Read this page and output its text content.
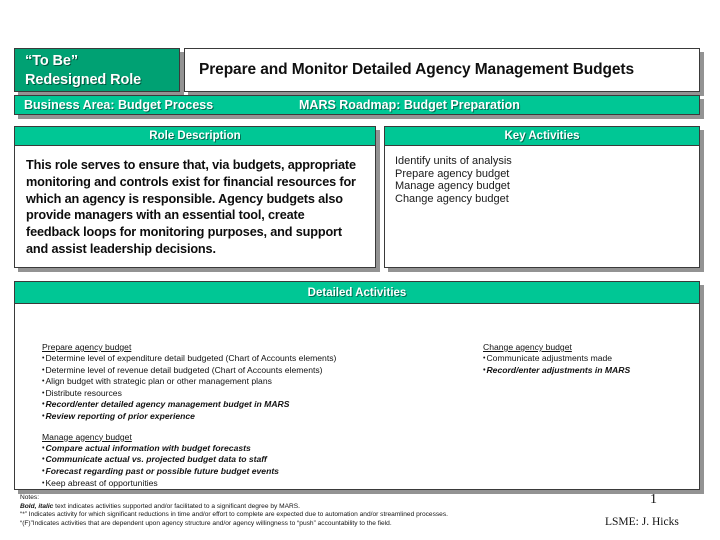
“To Be”
Redesigned Role
Prepare and Monitor Detailed Agency Management Budgets
Business Area: Budget Process	MARS Roadmap: Budget Preparation
Role Description
This role serves to ensure that, via budgets, appropriate monitoring and controls exist for financial resources for which an agency is responsible. Agency budgets also provide managers with an essential tool, create feedback loops for monitoring purposes, and support and assist leadership decisions.
Key Activities
Identify units of analysis
Prepare agency budget
Manage agency budget
Change agency budget
Detailed Activities
Prepare agency budget
• Determine level of expenditure detail budgeted (Chart of Accounts elements)
• Determine level of revenue detail budgeted (Chart of Accounts elements)
• Align budget with strategic plan or other management plans
• Distribute resources
• Record/enter detailed agency management budget in MARS
• Review reporting of prior experience
Manage agency budget
• Compare actual information with budget forecasts
• Communicate actual vs. projected budget data to staff
• Forecast regarding past or possible future budget events
• Keep abreast of opportunities
Change agency budget
• Communicate adjustments made
• Record/enter adjustments in MARS
Notes:
Bold, italic text indicates activities supported and/or facilitated to a significant degree by MARS.
“*” Indicates activity for which significant reductions in time and/or effort to complete are expected due to automation and/or streamlined processes.
“(F)”Indicates activities that are dependent upon agency structure and/or agency willingness to “push” accountability to the field.
1
LSME: J. Hicks
